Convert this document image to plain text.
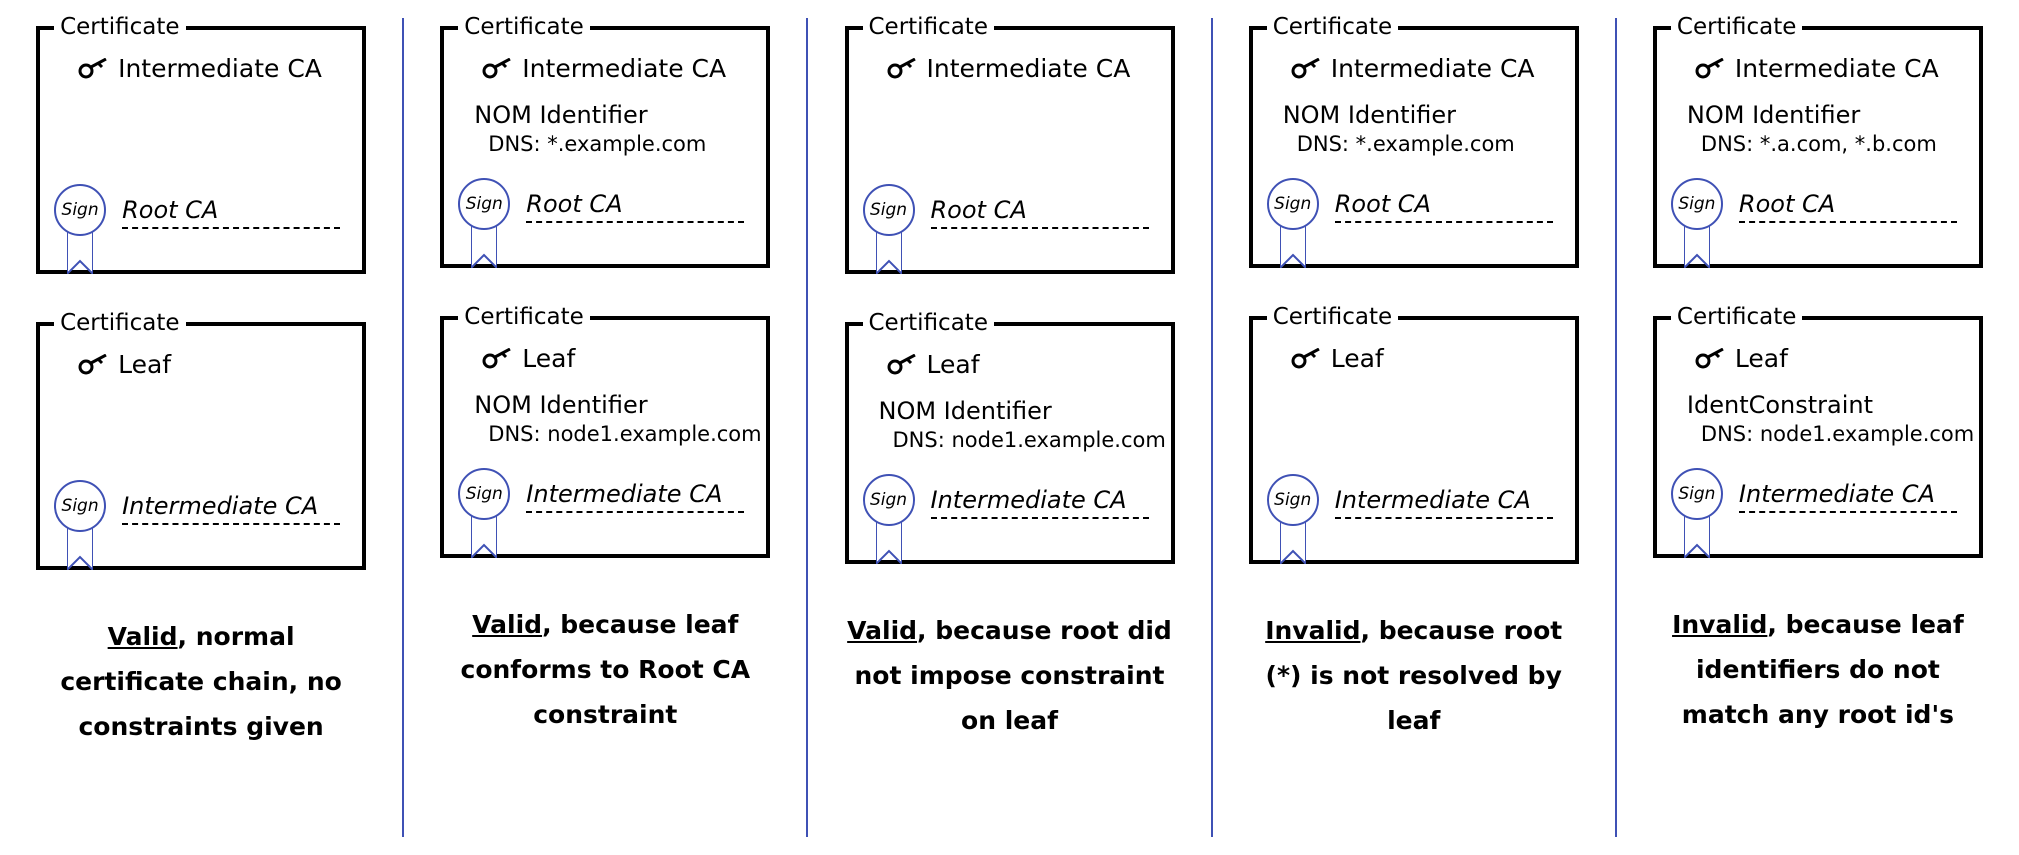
Certificate
Intermediate CA
Sign Root CA
Certificate
Leaf
Sign Intermediate CA
Valid, normal certificate chain, no constraints given
Certificate
Intermediate CA
NOM Identifier
DNS: *.example.com
Sign Root CA
Certificate
Leaf
NOM Identifier
DNS: node1.example.com
Sign Intermediate CA
Valid, because leaf conforms to Root CA constraint
Certificate
Intermediate CA
Sign Root CA
Certificate
Leaf
NOM Identifier
DNS: node1.example.com
Sign Intermediate CA
Valid, because root did not impose constraint on leaf
Certificate
Intermediate CA
NOM Identifier
DNS: *.example.com
Sign Root CA
Certificate
Leaf
Sign Intermediate CA
Invalid, because root (*) is not resolved by leaf
Certificate
Intermediate CA
NOM Identifier
DNS: *.a.com, *.b.com
Sign Root CA
Certificate
Leaf
IdentConstraint
DNS: node1.example.com
Sign Intermediate CA
Invalid, because leaf identifiers do not match any root id's
